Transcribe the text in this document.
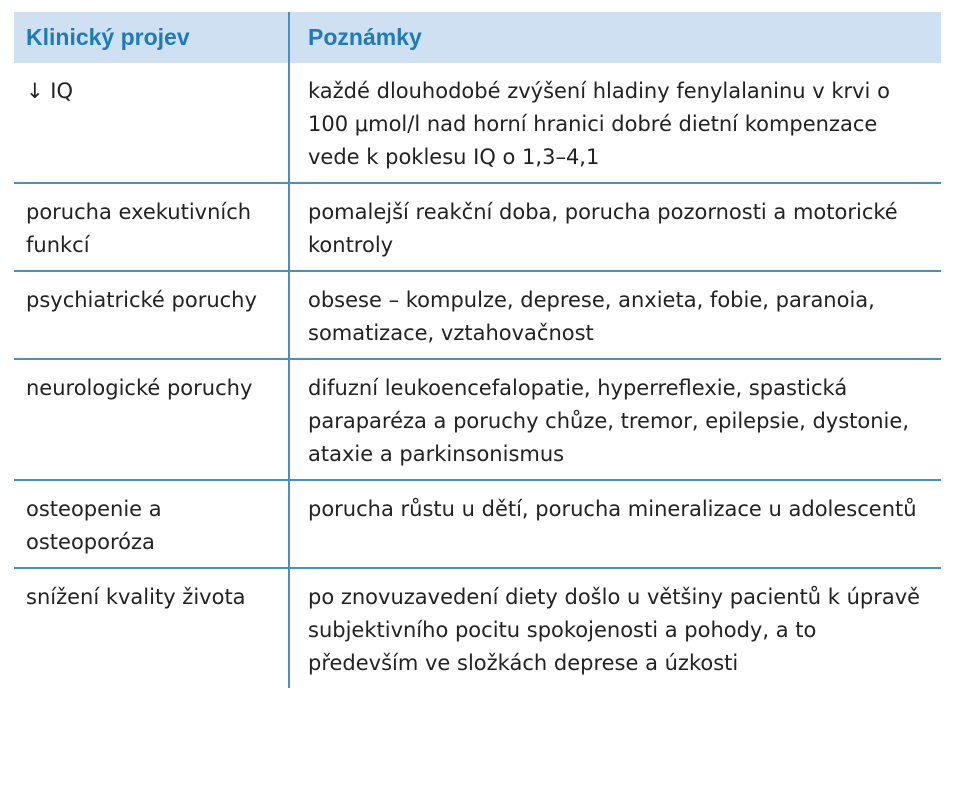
Klinický projev	Poznámky
↓ IQ	každé dlouhodobé zvýšení hladiny fenylalaninu v krvi o 100 μmol/l nad horní hranici dobré dietní kompenzace vede k poklesu IQ o 1,3–4,1
porucha exekutivních funkcí	pomalejší reakční doba, porucha pozornosti a motorické kontroly
psychiatrické poruchy	obsese – kompulze, deprese, anxieta, fobie, paranoia, somatizace, vztahovačnost
neurologické poruchy	difuzní leukoencefalopatie, hyperreflexie, spastická paraparéza a poruchy chůze, tremor, epilepsie, dystonie, ataxie a parkinsonismus
osteopenie a osteoporóza	porucha růstu u dětí, porucha mineralizace u adolescentů
snížení kvality života	po znovuzavedení diety došlo u většiny pacientů k úpravě subjektivního pocitu spokojenosti a pohody, a to především ve složkách deprese a úzkosti
